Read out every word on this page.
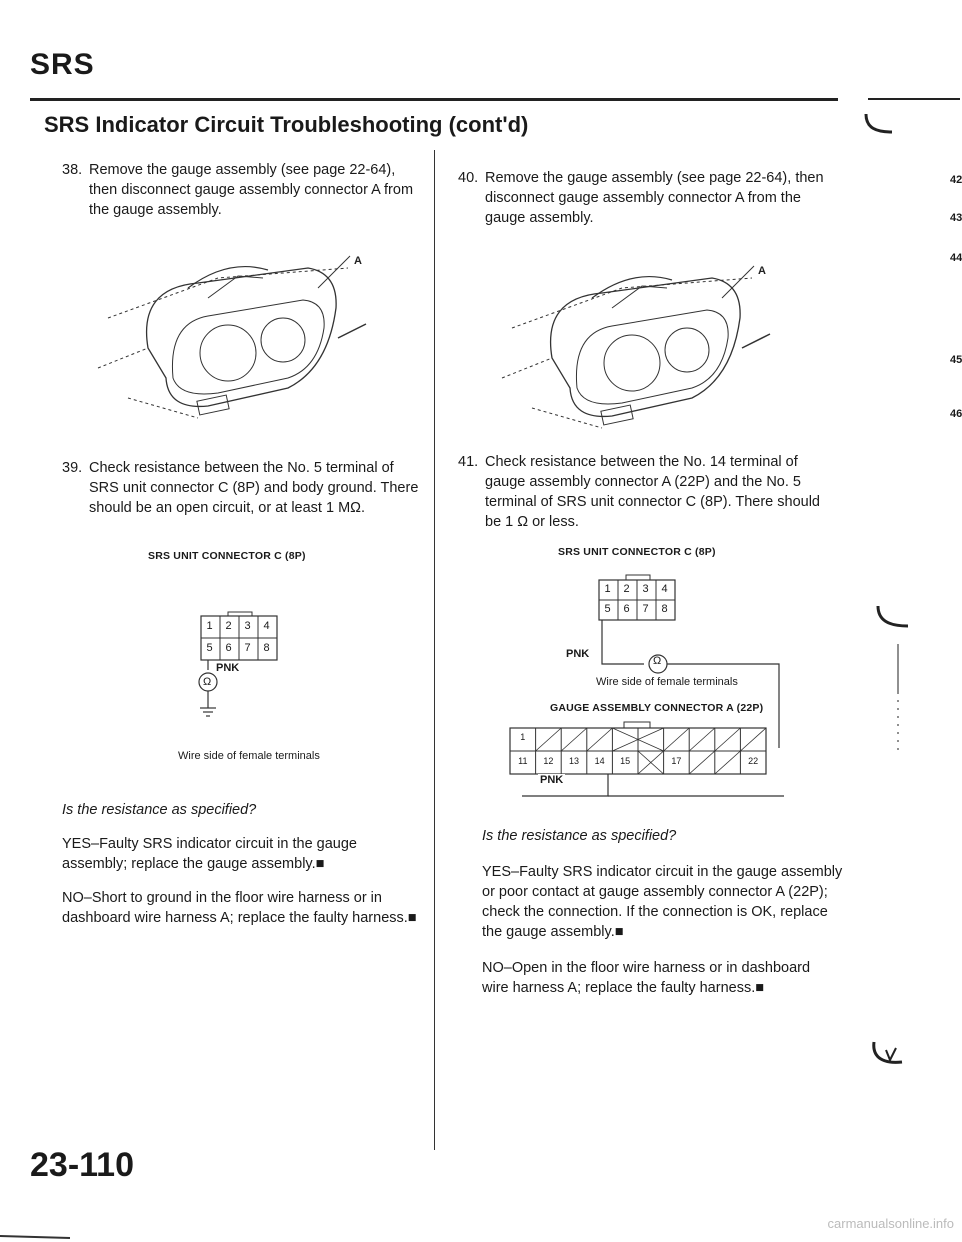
SRS
SRS Indicator Circuit Troubleshooting (cont'd)
38. Remove the gauge assembly (see page 22-64), then disconnect gauge assembly connector A from the gauge assembly.
A
39. Check resistance between the No. 5 terminal of SRS unit connector C (8P) and body ground. There should be an open circuit, or at least 1 MΩ.
SRS UNIT CONNECTOR C (8P)
1	2	3	4
5	6	7	8
Ω
PNK
Wire side of female terminals
Is the resistance as specified?
YES–Faulty SRS indicator circuit in the gauge assembly; replace the gauge assembly.■
NO–Short to ground in the floor wire harness or in dashboard wire harness A; replace the faulty harness.■
40. Remove the gauge assembly (see page 22-64), then disconnect gauge assembly connector A from the gauge assembly.
A
41. Check resistance between the No. 14 terminal of gauge assembly connector A (22P) and the No. 5 terminal of SRS unit connector C (8P). There should be 1 Ω or less.
SRS UNIT CONNECTOR C (8P)
1	2	3	4
5	6	7	8
PNK
Ω
Wire side of female terminals
GAUGE ASSEMBLY CONNECTOR A (22P)
1
11	12	13	14	15	17	22
PNK
Is the resistance as specified?
YES–Faulty SRS indicator circuit in the gauge assembly or poor contact at gauge assembly connector A (22P); check the connection. If the connection is OK, replace the gauge assembly.■
NO–Open in the floor wire harness or in dashboard wire harness A; replace the faulty harness.■
42
43
44
45
46
23-110
carmanualsonline.info
